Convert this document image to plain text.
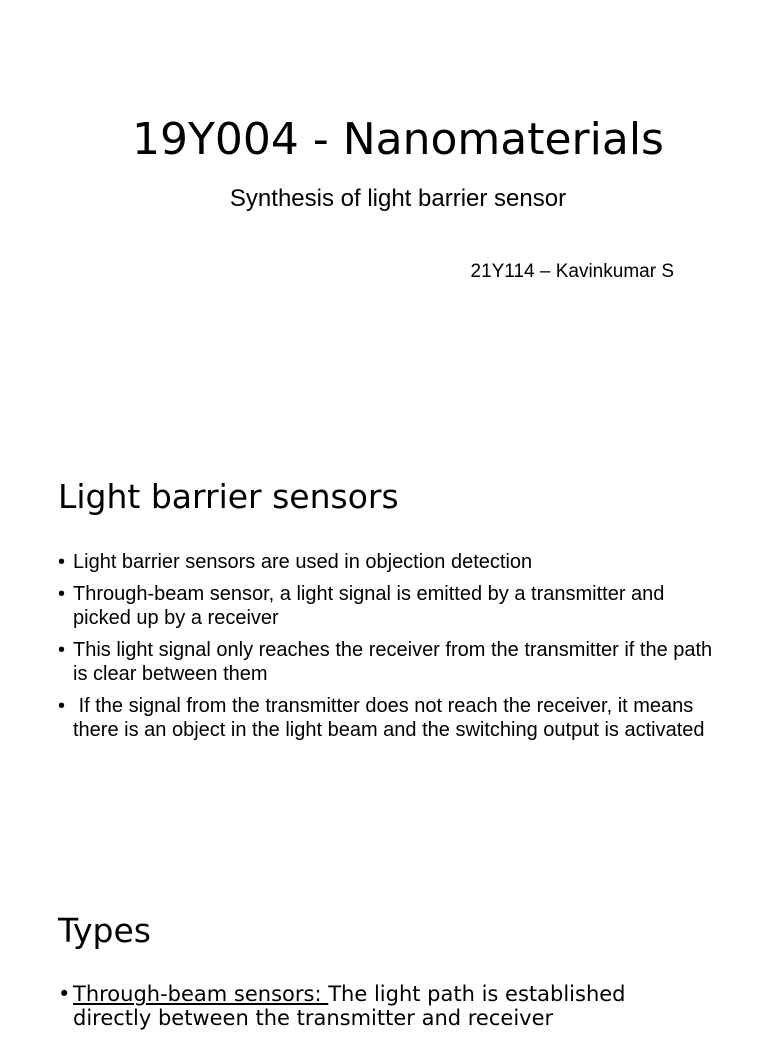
19Y004 - Nanomaterials
Synthesis of light barrier sensor
21Y114 – Kavinkumar S
Light barrier sensors
• Light barrier sensors are used in objection detection
• Through-beam sensor, a light signal is emitted by a transmitter and picked up by a receiver
• This light signal only reaches the receiver from the transmitter if the path is clear between them
• If the signal from the transmitter does not reach the receiver, it means there is an object in the light beam and the switching output is activated
Types
• Through-beam sensors: The light path is established directly between the transmitter and receiver
